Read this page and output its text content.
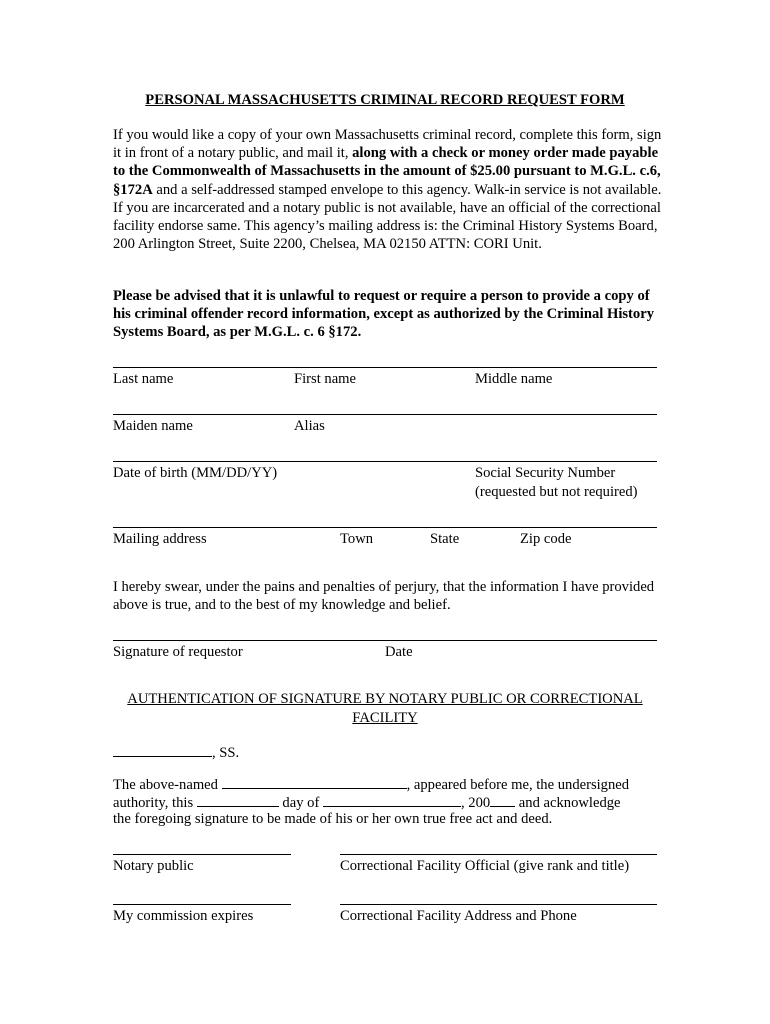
PERSONAL MASSACHUSETTS CRIMINAL RECORD REQUEST FORM
If you would like a copy of your own Massachusetts criminal record, complete this form, sign it in front of a notary public, and mail it, along with a check or money order made payable to the Commonwealth of Massachusetts in the amount of $25.00 pursuant to M.G.L. c.6, §172A and a self-addressed stamped envelope to this agency. Walk-in service is not available. If you are incarcerated and a notary public is not available, have an official of the correctional facility endorse same. This agency’s mailing address is: the Criminal History Systems Board, 200 Arlington Street, Suite 2200, Chelsea, MA 02150 ATTN: CORI Unit.
Please be advised that it is unlawful to request or require a person to provide a copy of his criminal offender record information, except as authorized by the Criminal History Systems Board, as per M.G.L. c. 6 §172.
Last name	First name	Middle name
Maiden name	Alias
Date of birth (MM/DD/YY)	Social Security Number
(requested but not required)
Mailing address	Town	State	Zip code
I hereby swear, under the pains and penalties of perjury, that the information I have provided above is true, and to the best of my knowledge and belief.
Signature of requestor	Date
AUTHENTICATION OF SIGNATURE BY NOTARY PUBLIC OR CORRECTIONAL FACILITY
, SS.
The above-named	, appeared before me, the undersigned
authority, this	day of	, 200 and acknowledge
the foregoing signature to be made of his or her own true free act and deed.
Notary public	Correctional Facility Official (give rank and title)
My commission expires	Correctional Facility Address and Phone
